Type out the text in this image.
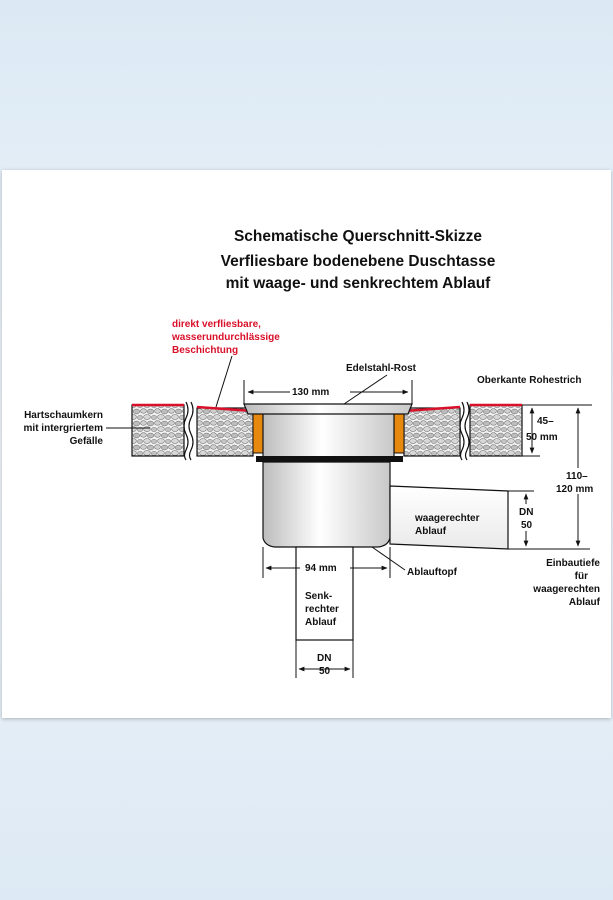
Schematische Querschnitt-Skizze
Verfliesbare bodenebene Duschtasse
mit waage- und senkrechtem Ablauf
130 mm
Edelstahl-Rost
direkt verfliesbare,
wasserundurchlässige
Beschichtung
Oberkante Rohestrich
45–
50 mm
110–
120 mm
DN
50
waagerechter
Ablauf
Hartschaumkern
mit intergriertem
Gefälle
94 mm	Ablauftopf
Einbautiefe
für
waagerechten
Ablauf
Senk-
rechter
Ablauf
DN
50
